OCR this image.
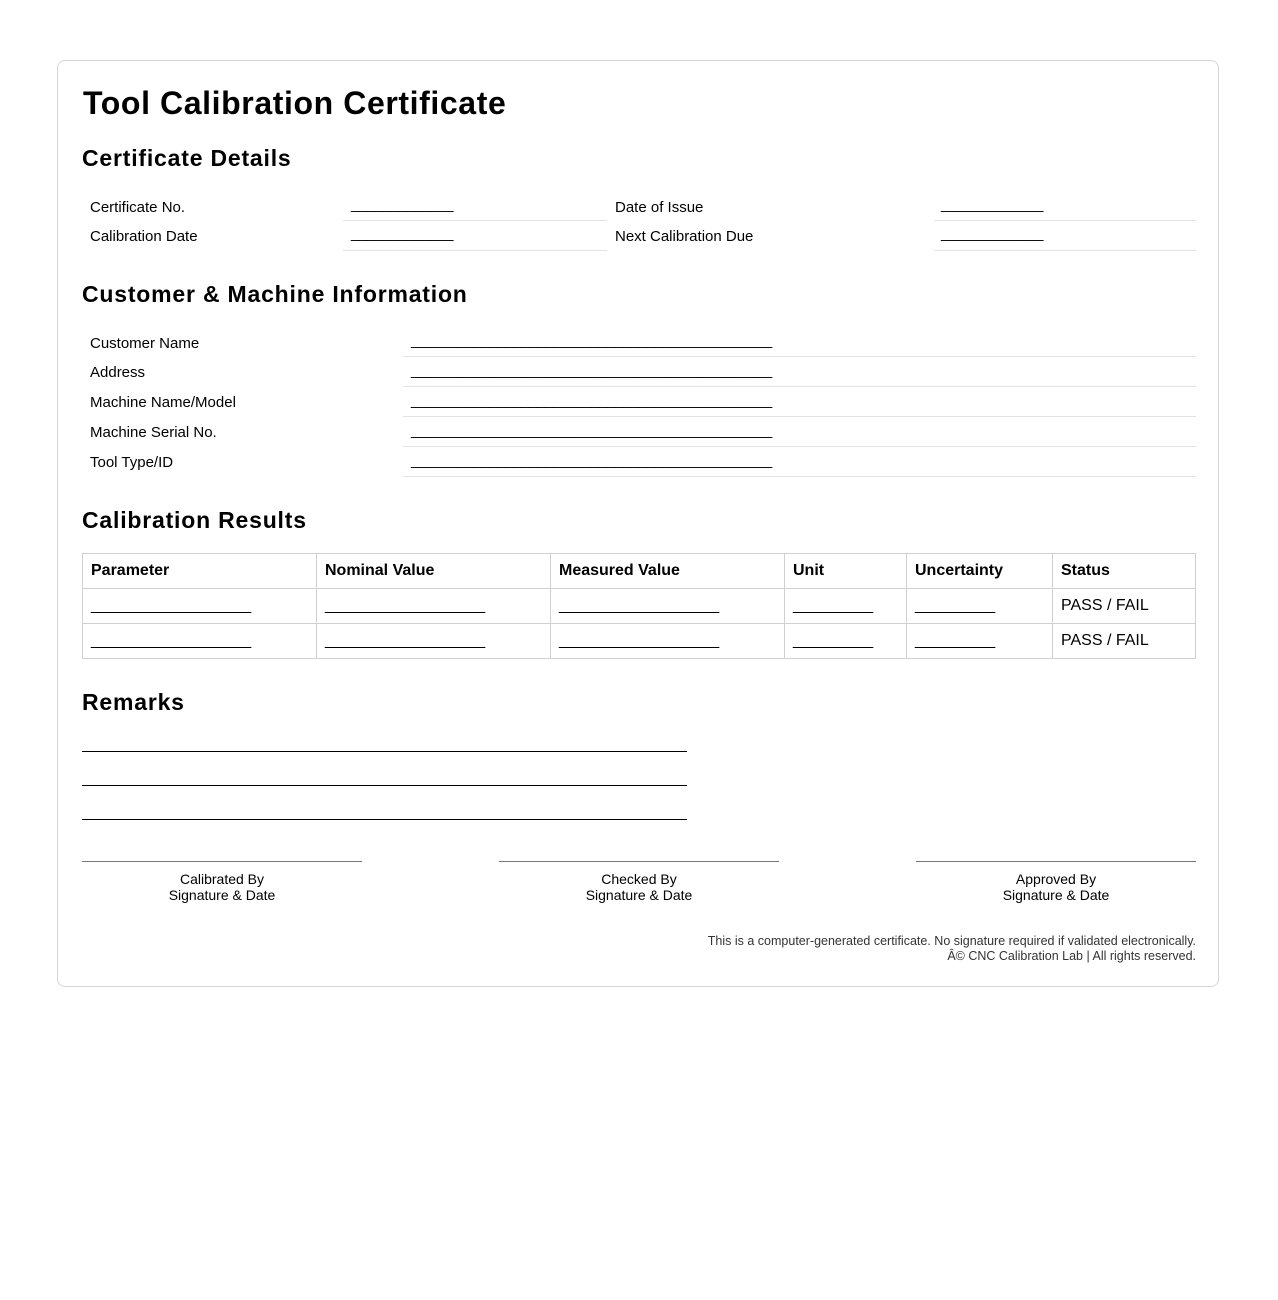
Tool Calibration Certificate
Certificate Details
Certificate No.	_____________	Date of Issue	_____________
Calibration Date	_____________	Next Calibration Due	_____________
Customer & Machine Information
Customer Name	______________________________________________
Address	______________________________________________
Machine Name/Model	______________________________________________
Machine Serial No.	______________________________________________
Tool Type/ID	______________________________________________
Calibration Results
Parameter	Nominal Value	Measured Value	Unit	Uncertainty	Status
__________________	__________________	__________________	_________	_________	PASS / FAIL
__________________	__________________	__________________	_________	_________	PASS / FAIL
Remarks
Calibrated By
Signature & Date
Checked By
Signature & Date
Approved By
Signature & Date
This is a computer-generated certificate. No signature required if validated electronically.
Â© CNC Calibration Lab | All rights reserved.
